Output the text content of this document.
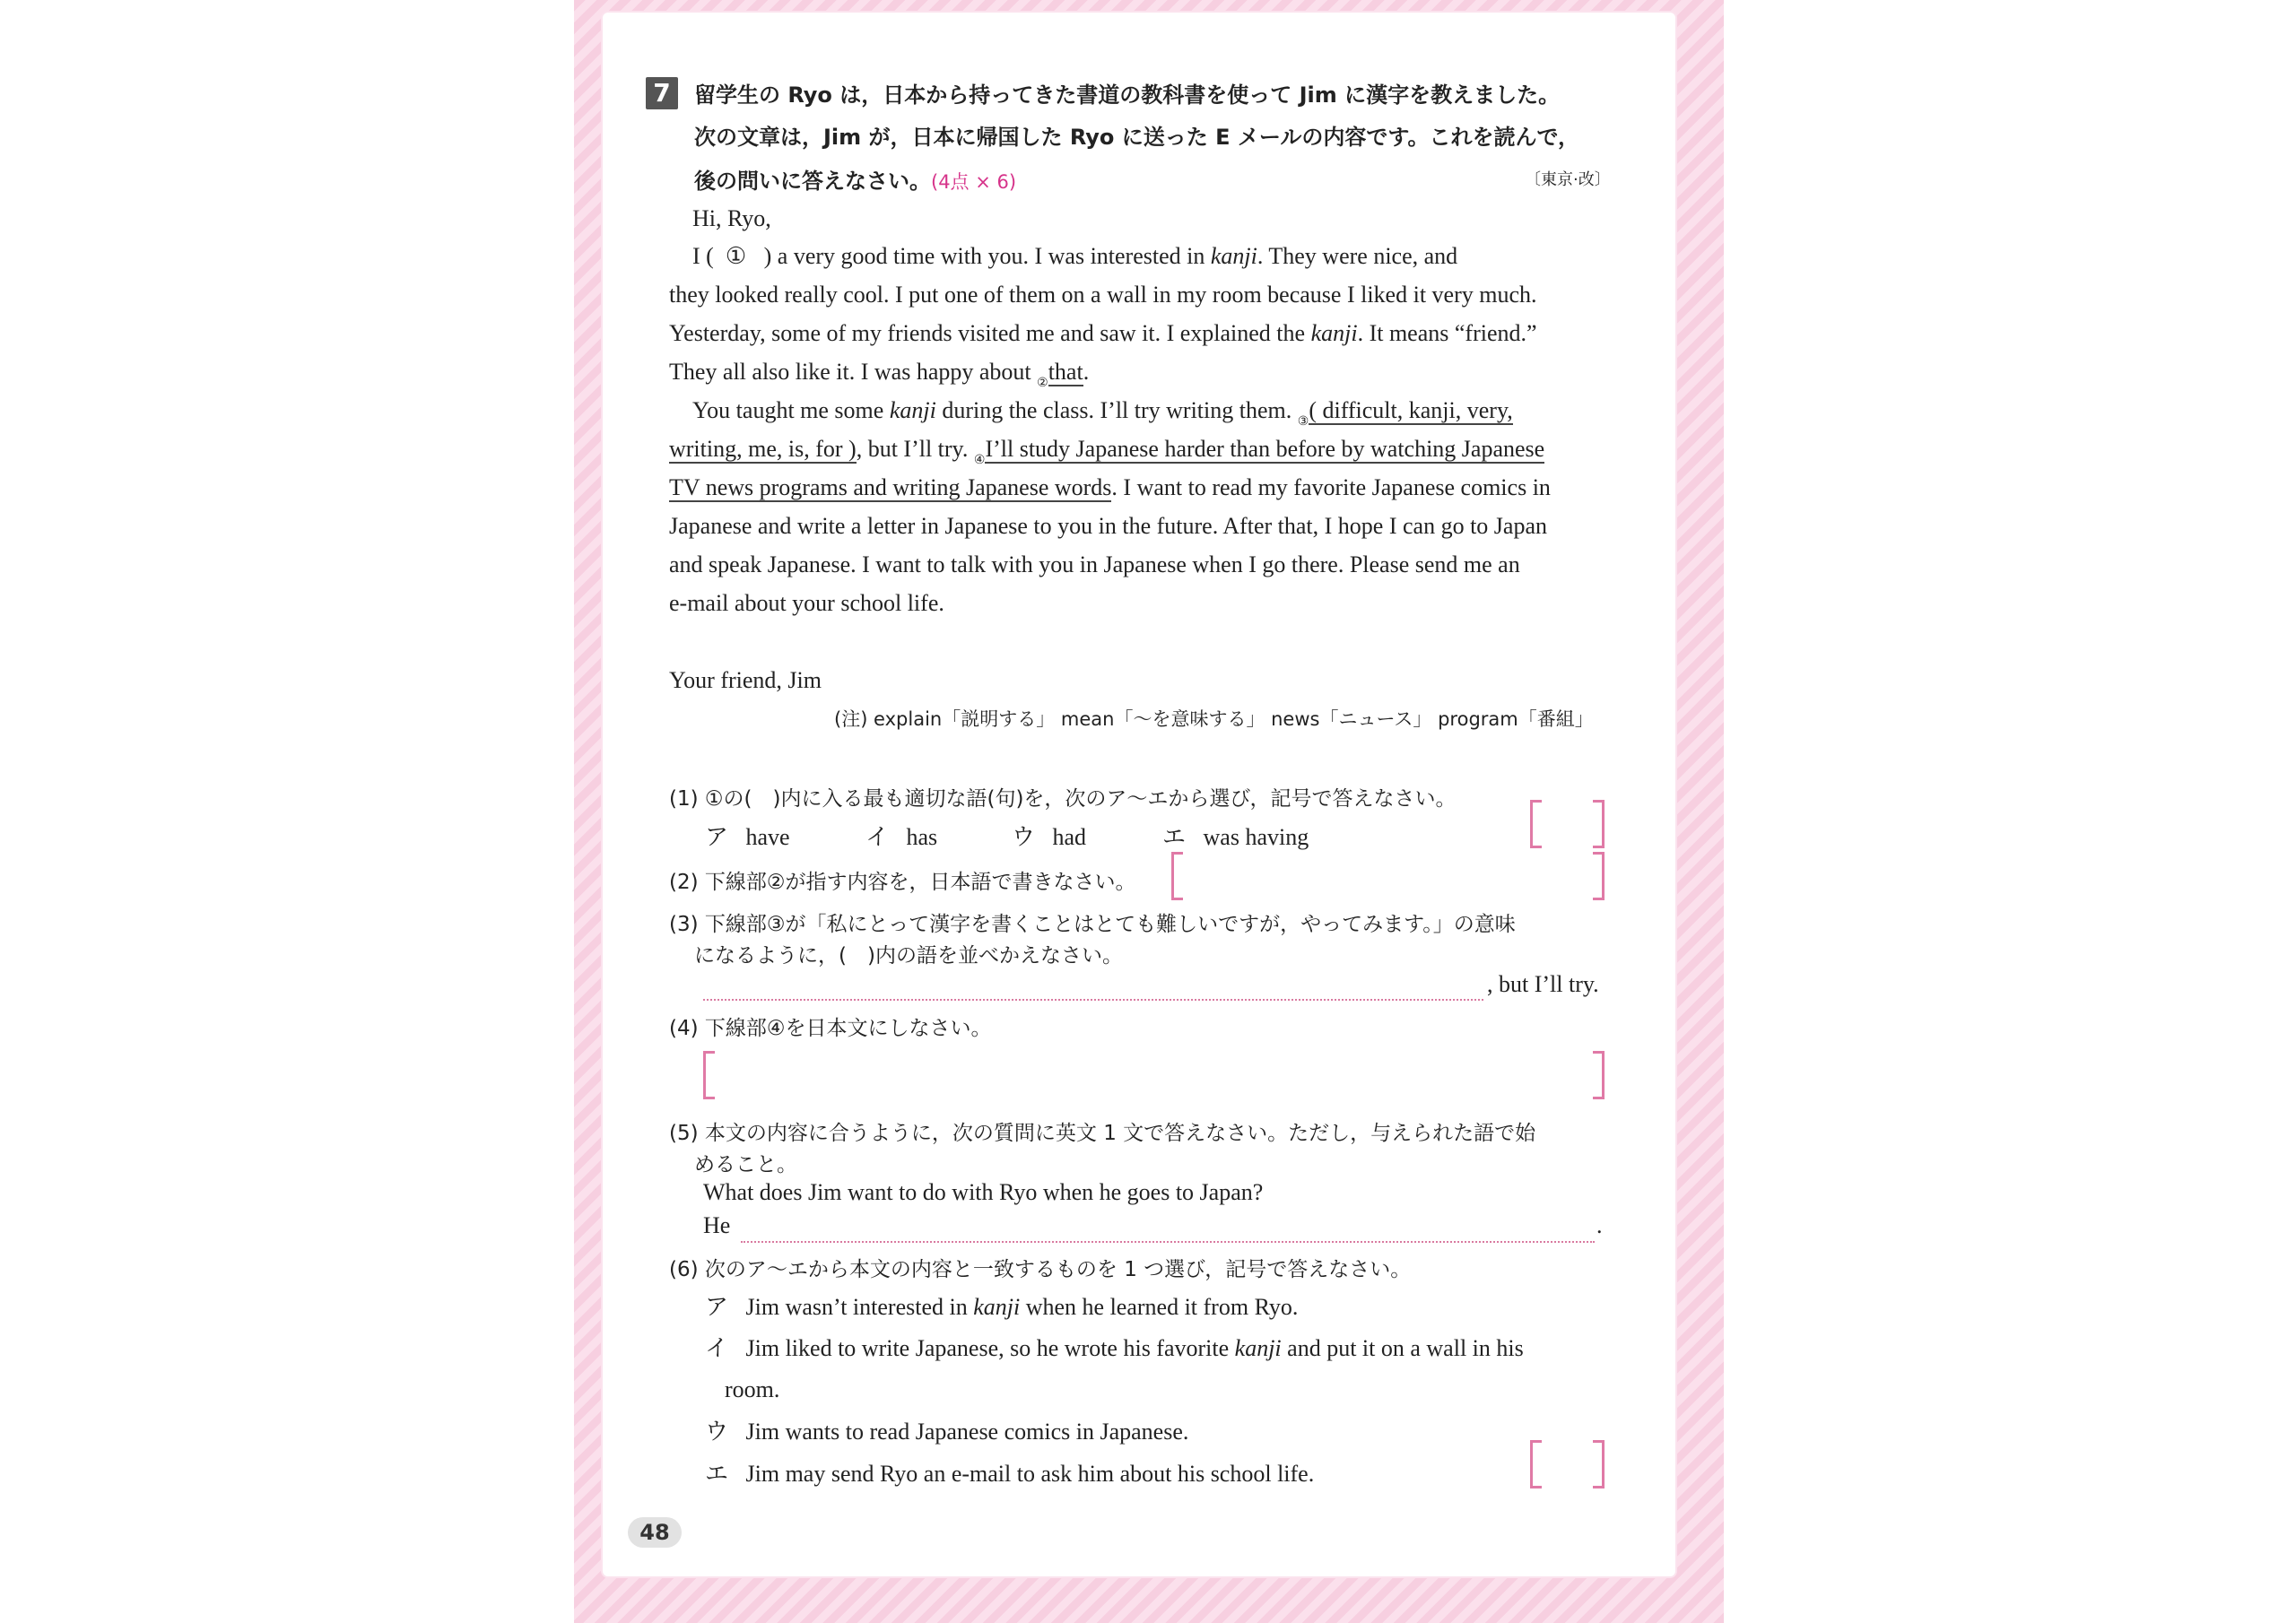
7	留学生の Ryo は，日本から持ってきた書道の教科書を使って Jim に漢字を教えました。
次の文章は，Jim が，日本に帰国した Ryo に送った E メールの内容です。これを読んで，
後の問いに答えなさい。(4点 × 6)	〔東京·改〕
Hi, Ryo,
I ( ① ) a very good time with you. I was interested in kanji. They were nice, and
they looked really cool. I put one of them on a wall in my room because I liked it very much.
Yesterday, some of my friends visited me and saw it. I explained the kanji. It means “friend.”
They all also like it. I was happy about $_②$that.
You taught me some kanji during the class. I’ll try writing them. $_③$( difficult, kanji, very,
writing, me, is, for ), but I’ll try. $_④$I’ll study Japanese harder than before by watching Japanese
TV news programs and writing Japanese words. I want to read my favorite Japanese comics in
Japanese and write a letter in Japanese to you in the future. After that, I hope I can go to Japan
and speak Japanese. I want to talk with you in Japanese when I go there. Please send me an
e-mail about your school life.
Your friend, Jim
(注) explain「説明する」 mean「～を意味する」 news「ニュース」 program「番組」
(1) ①の(　)内に入る最も適切な語(句)を，次のア～エから選び，記号で答えなさい。
ア have	イ has	ウ had	エ was having
(2) 下線部②が指す内容を，日本語で書きなさい。
(3) 下線部③が「私にとって漢字を書くことはとても難しいですが，やってみます。」の意味
になるように，(　)内の語を並べかえなさい。
, but I’ll try.
(4) 下線部④を日本文にしなさい。
(5) 本文の内容に合うように，次の質問に英文 1 文で答えなさい。ただし，与えられた語で始
めること。
What does Jim want to do with Ryo when he goes to Japan?
He	.
(6) 次のア～エから本文の内容と一致するものを 1 つ選び，記号で答えなさい。
ア Jim wasn’t interested in kanji when he learned it from Ryo.
イ Jim liked to write Japanese, so he wrote his favorite kanji and put it on a wall in his
room.
ウ Jim wants to read Japanese comics in Japanese.
エ Jim may send Ryo an e-mail to ask him about his school life.
48
